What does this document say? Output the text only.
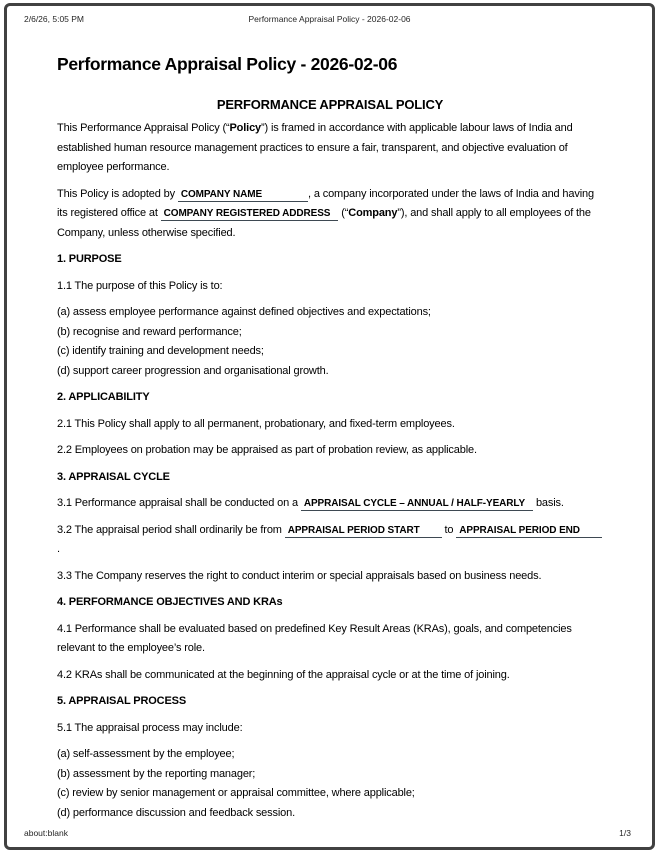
2/6/26, 5:05 PM	Performance Appraisal Policy - 2026-02-06
Performance Appraisal Policy - 2026-02-06
PERFORMANCE APPRAISAL POLICY

This Performance Appraisal Policy (“Policy”) is framed in accordance with applicable labour laws of India and established human resource management practices to ensure a fair, transparent, and objective evaluation of employee performance.

This Policy is adopted by COMPANY NAME	, a company incorporated under the laws of India and having its registered office at COMPANY REGISTERED ADDRESS (“Company”), and shall apply to all employees of the Company, unless otherwise specified.

1. PURPOSE

1.1 The purpose of this Policy is to:

(a) assess employee performance against defined objectives and expectations;

(b) recognise and reward performance;

(c) identify training and development needs;

(d) support career progression and organisational growth.

2. APPLICABILITY

2.1 This Policy shall apply to all permanent, probationary, and fixed-term employees.

2.2 Employees on probation may be appraised as part of probation review, as applicable.

3. APPRAISAL CYCLE

3.1 Performance appraisal shall be conducted on a APPRAISAL CYCLE – ANNUAL / HALF-YEARLY basis.

3.2 The appraisal period shall ordinarily be from APPRAISAL PERIOD START to APPRAISAL PERIOD END .

3.3 The Company reserves the right to conduct interim or special appraisals based on business needs.

4. PERFORMANCE OBJECTIVES AND KRAs

4.1 Performance shall be evaluated based on predefined Key Result Areas (KRAs), goals, and competencies relevant to the employee’s role.

4.2 KRAs shall be communicated at the beginning of the appraisal cycle or at the time of joining.

5. APPRAISAL PROCESS

5.1 The appraisal process may include:

(a) self-assessment by the employee;

(b) assessment by the reporting manager;

(c) review by senior management or appraisal committee, where applicable;

(d) performance discussion and feedback session.

about:blank	1/3
